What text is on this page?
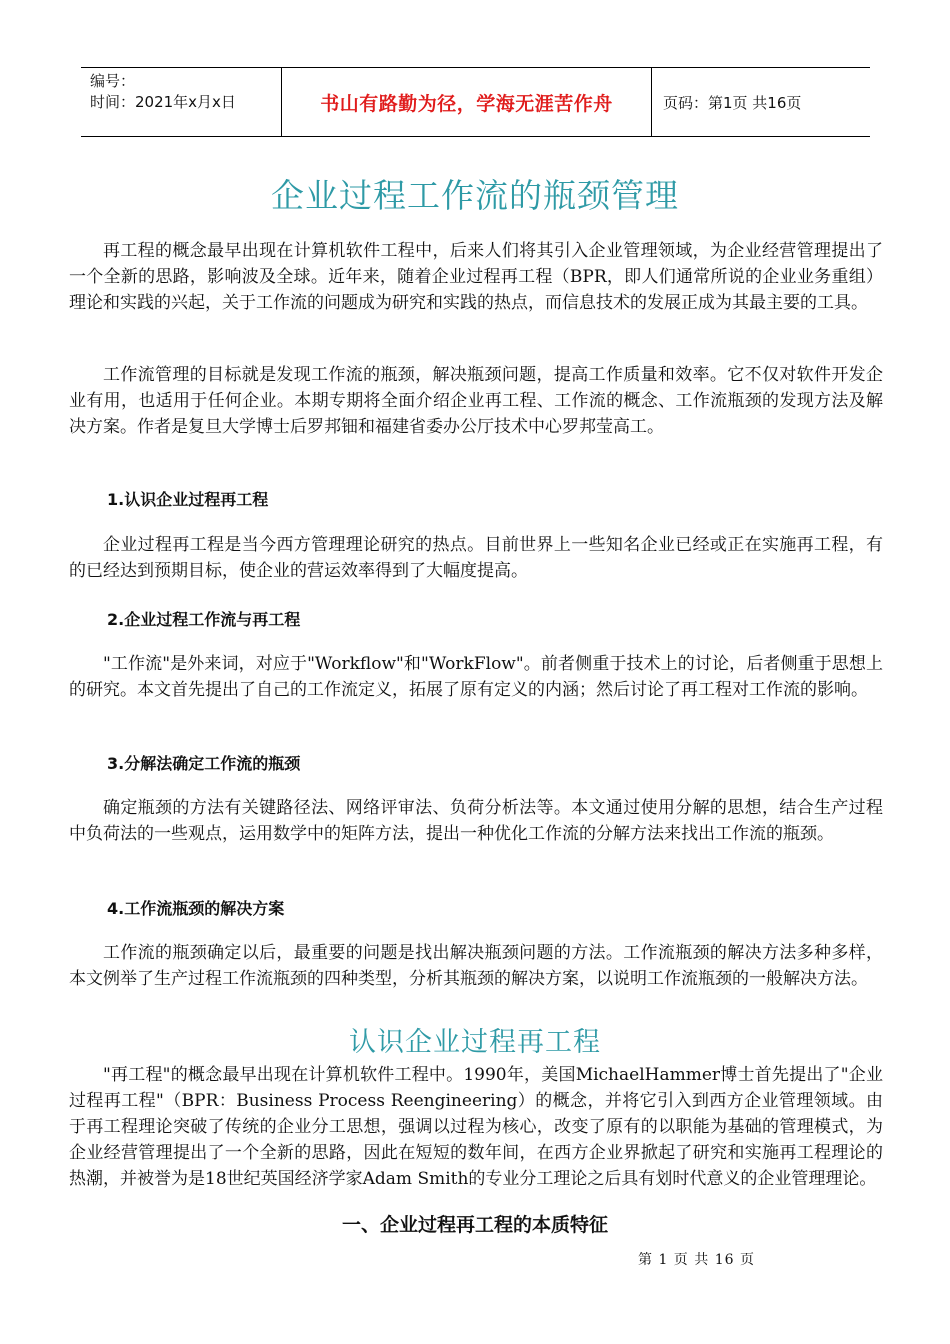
编号：
时间：2021年x月x日	书山有路勤为径，学海无涯苦作舟	页码：第1页 共16页
企业过程工作流的瓶颈管理

再工程的概念最早出现在计算机软件工程中，后来人们将其引入企业管理领域，为企业经营管理提出了一个全新的思路，影响波及全球。近年来，随着企业过程再工程（BPR，即人们通常所说的企业业务重组）理论和实践的兴起，关于工作流的问题成为研究和实践的热点，而信息技术的发展正成为其最主要的工具。

工作流管理的目标就是发现工作流的瓶颈，解决瓶颈问题，提高工作质量和效率。它不仅对软件开发企业有用，也适用于任何企业。本期专期将全面介绍企业再工程、工作流的概念、工作流瓶颈的发现方法及解决方案。作者是复旦大学博士后罗邦钿和福建省委办公厅技术中心罗邦莹高工。

1.认识企业过程再工程

企业过程再工程是当今西方管理理论研究的热点。目前世界上一些知名企业已经或正在实施再工程，有的已经达到预期目标，使企业的营运效率得到了大幅度提高。

2.企业过程工作流与再工程

"工作流"是外来词，对应于"Workflow"和"WorkFlow"。前者侧重于技术上的讨论，后者侧重于思想上的研究。本文首先提出了自己的工作流定义，拓展了原有定义的内涵；然后讨论了再工程对工作流的影响。

3.分解法确定工作流的瓶颈

确定瓶颈的方法有关键路径法、网络评审法、负荷分析法等。本文通过使用分解的思想，结合生产过程中负荷法的一些观点，运用数学中的矩阵方法，提出一种优化工作流的分解方法来找出工作流的瓶颈。

4.工作流瓶颈的解决方案

工作流的瓶颈确定以后，最重要的问题是找出解决瓶颈问题的方法。工作流瓶颈的解决方法多种多样，本文例举了生产过程工作流瓶颈的四种类型，分析其瓶颈的解决方案，以说明工作流瓶颈的一般解决方法。

认识企业过程再工程

"再工程"的概念最早出现在计算机软件工程中。1990年，美国MichaelHammer博士首先提出了"企业过程再工程"（BPR：Business Process Reengineering）的概念，并将它引入到西方企业管理领域。由于再工程理论突破了传统的企业分工思想，强调以过程为核心，改变了原有的以职能为基础的管理模式，为企业经营管理提出了一个全新的思路，因此在短短的数年间，在西方企业界掀起了研究和实施再工程理论的热潮，并被誉为是18世纪英国经济学家Adam Smith的专业分工理论之后具有划时代意义的企业管理理论。

一、企业过程再工程的本质特征
第 1 页 共 16 页
